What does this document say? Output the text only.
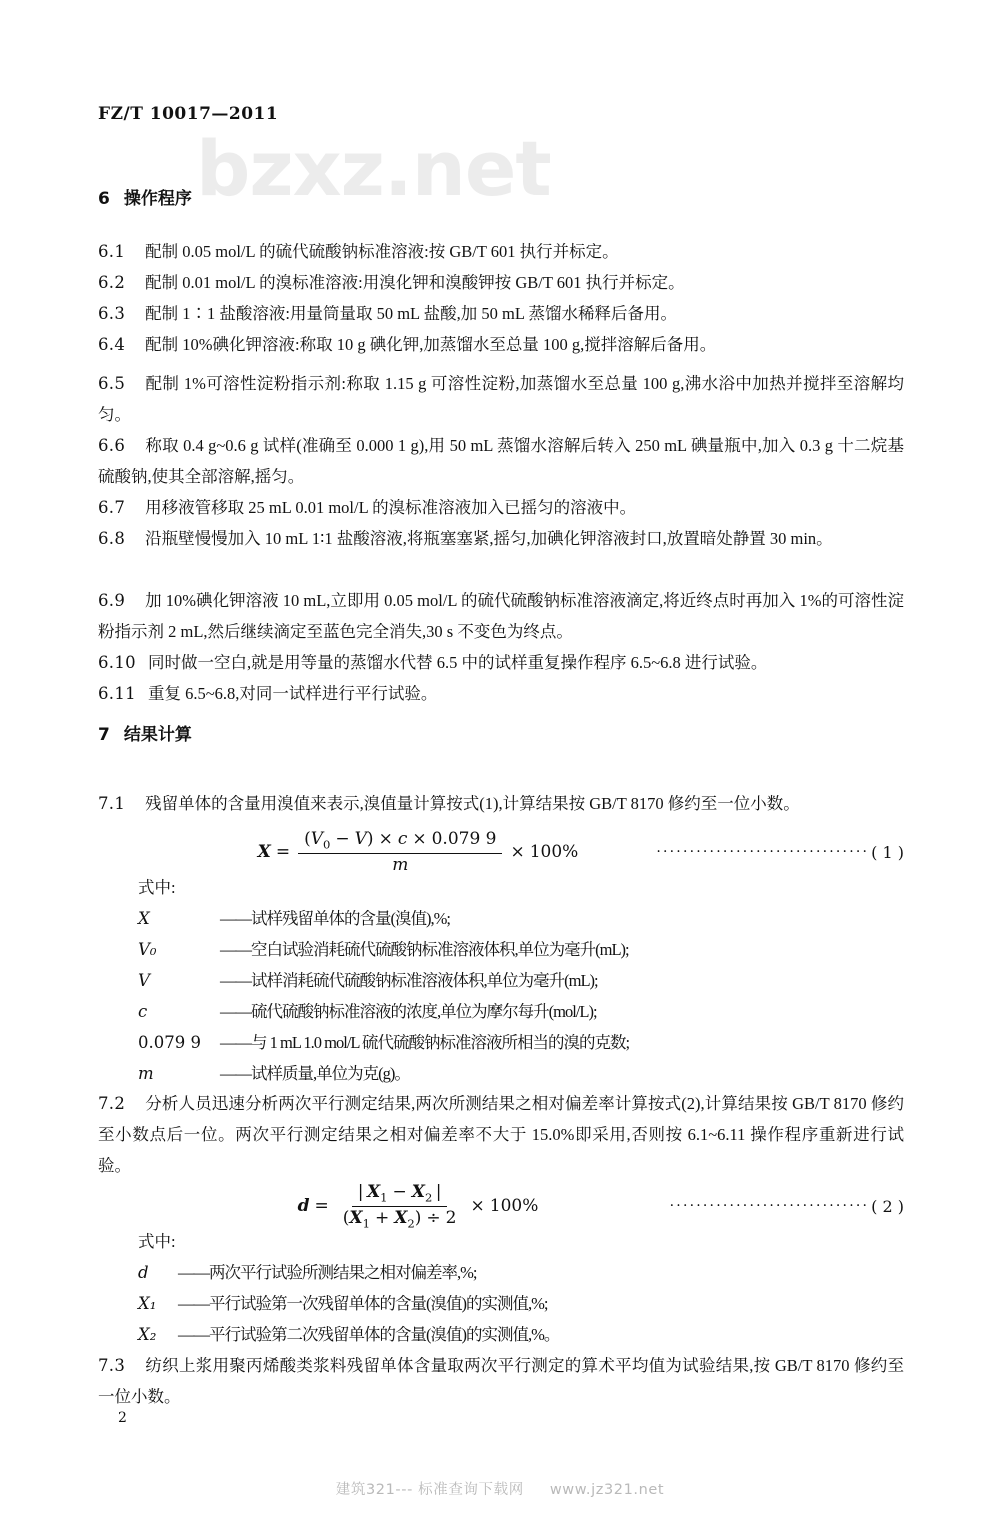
bzxz.net
FZ/T 10017—2011
6 操作程序
6.1 配制 0.05 mol/L 的硫代硫酸钠标准溶液:按 GB/T 601 执行并标定。
6.2 配制 0.01 mol/L 的溴标准溶液:用溴化钾和溴酸钾按 GB/T 601 执行并标定。
6.3 配制 1∶1 盐酸溶液:用量筒量取 50 mL 盐酸,加 50 mL 蒸馏水稀释后备用。
6.4 配制 10%碘化钾溶液:称取 10 g 碘化钾,加蒸馏水至总量 100 g,搅拌溶解后备用。
6.5 配制 1%可溶性淀粉指示剂:称取 1.15 g 可溶性淀粉,加蒸馏水至总量 100 g,沸水浴中加热并搅拌至溶解均匀。
6.6 称取 0.4 g~0.6 g 试样(准确至 0.000 1 g),用 50 mL 蒸馏水溶解后转入 250 mL 碘量瓶中,加入 0.3 g 十二烷基硫酸钠,使其全部溶解,摇匀。
6.7 用移液管移取 25 mL 0.01 mol/L 的溴标准溶液加入已摇匀的溶液中。
6.8 沿瓶壁慢慢加入 10 mL 1∶1 盐酸溶液,将瓶塞塞紧,摇匀,加碘化钾溶液封口,放置暗处静置 30 min。
6.9 加 10%碘化钾溶液 10 mL,立即用 0.05 mol/L 的硫代硫酸钠标准溶液滴定,将近终点时再加入 1%的可溶性淀粉指示剂 2 mL,然后继续滴定至蓝色完全消失,30 s 不变色为终点。
6.10 同时做一空白,就是用等量的蒸馏水代替 6.5 中的试样重复操作程序 6.5~6.8 进行试验。
6.11 重复 6.5~6.8,对同一试样进行平行试验。
7 结果计算
7.1 残留单体的含量用溴值来表示,溴值量计算按式(1),计算结果按 GB/T 8170 修约至一位小数。
$X = \frac{(V_0 - V) \times c \times 0.079 9}{m} \times 100\%$	································ ( 1 )
式中:
X	——试样残留单体的含量(溴值),%;
V₀	——空白试验消耗硫代硫酸钠标准溶液体积,单位为毫升(mL);
V	——试样消耗硫代硫酸钠标准溶液体积,单位为毫升(mL);
c	——硫代硫酸钠标准溶液的浓度,单位为摩尔每升(mol/L);
0.079 9	——与 1 mL 1.0 mol/L 硫代硫酸钠标准溶液所相当的溴的克数;
m	——试样质量,单位为克(g)。
7.2 分析人员迅速分析两次平行测定结果,两次所测结果之相对偏差率计算按式(2),计算结果按 GB/T 8170 修约至小数点后一位。两次平行测定结果之相对偏差率不大于 15.0%即采用,否则按 6.1~6.11 操作程序重新进行试验。
$d = \frac{| X_1 - X_2 |}{(X_1 + X_2) \div 2} \times 100\%$	······························ ( 2 )
式中:
d	——两次平行试验所测结果之相对偏差率,%;
X₁	——平行试验第一次残留单体的含量(溴值)的实测值,%;
X₂	——平行试验第二次残留单体的含量(溴值)的实测值,%。
7.3 纺织上浆用聚丙烯酸类浆料残留单体含量取两次平行测定的算术平均值为试验结果,按 GB/T 8170 修约至一位小数。
2
建筑321--- 标准查询下载网 www.jz321.net
